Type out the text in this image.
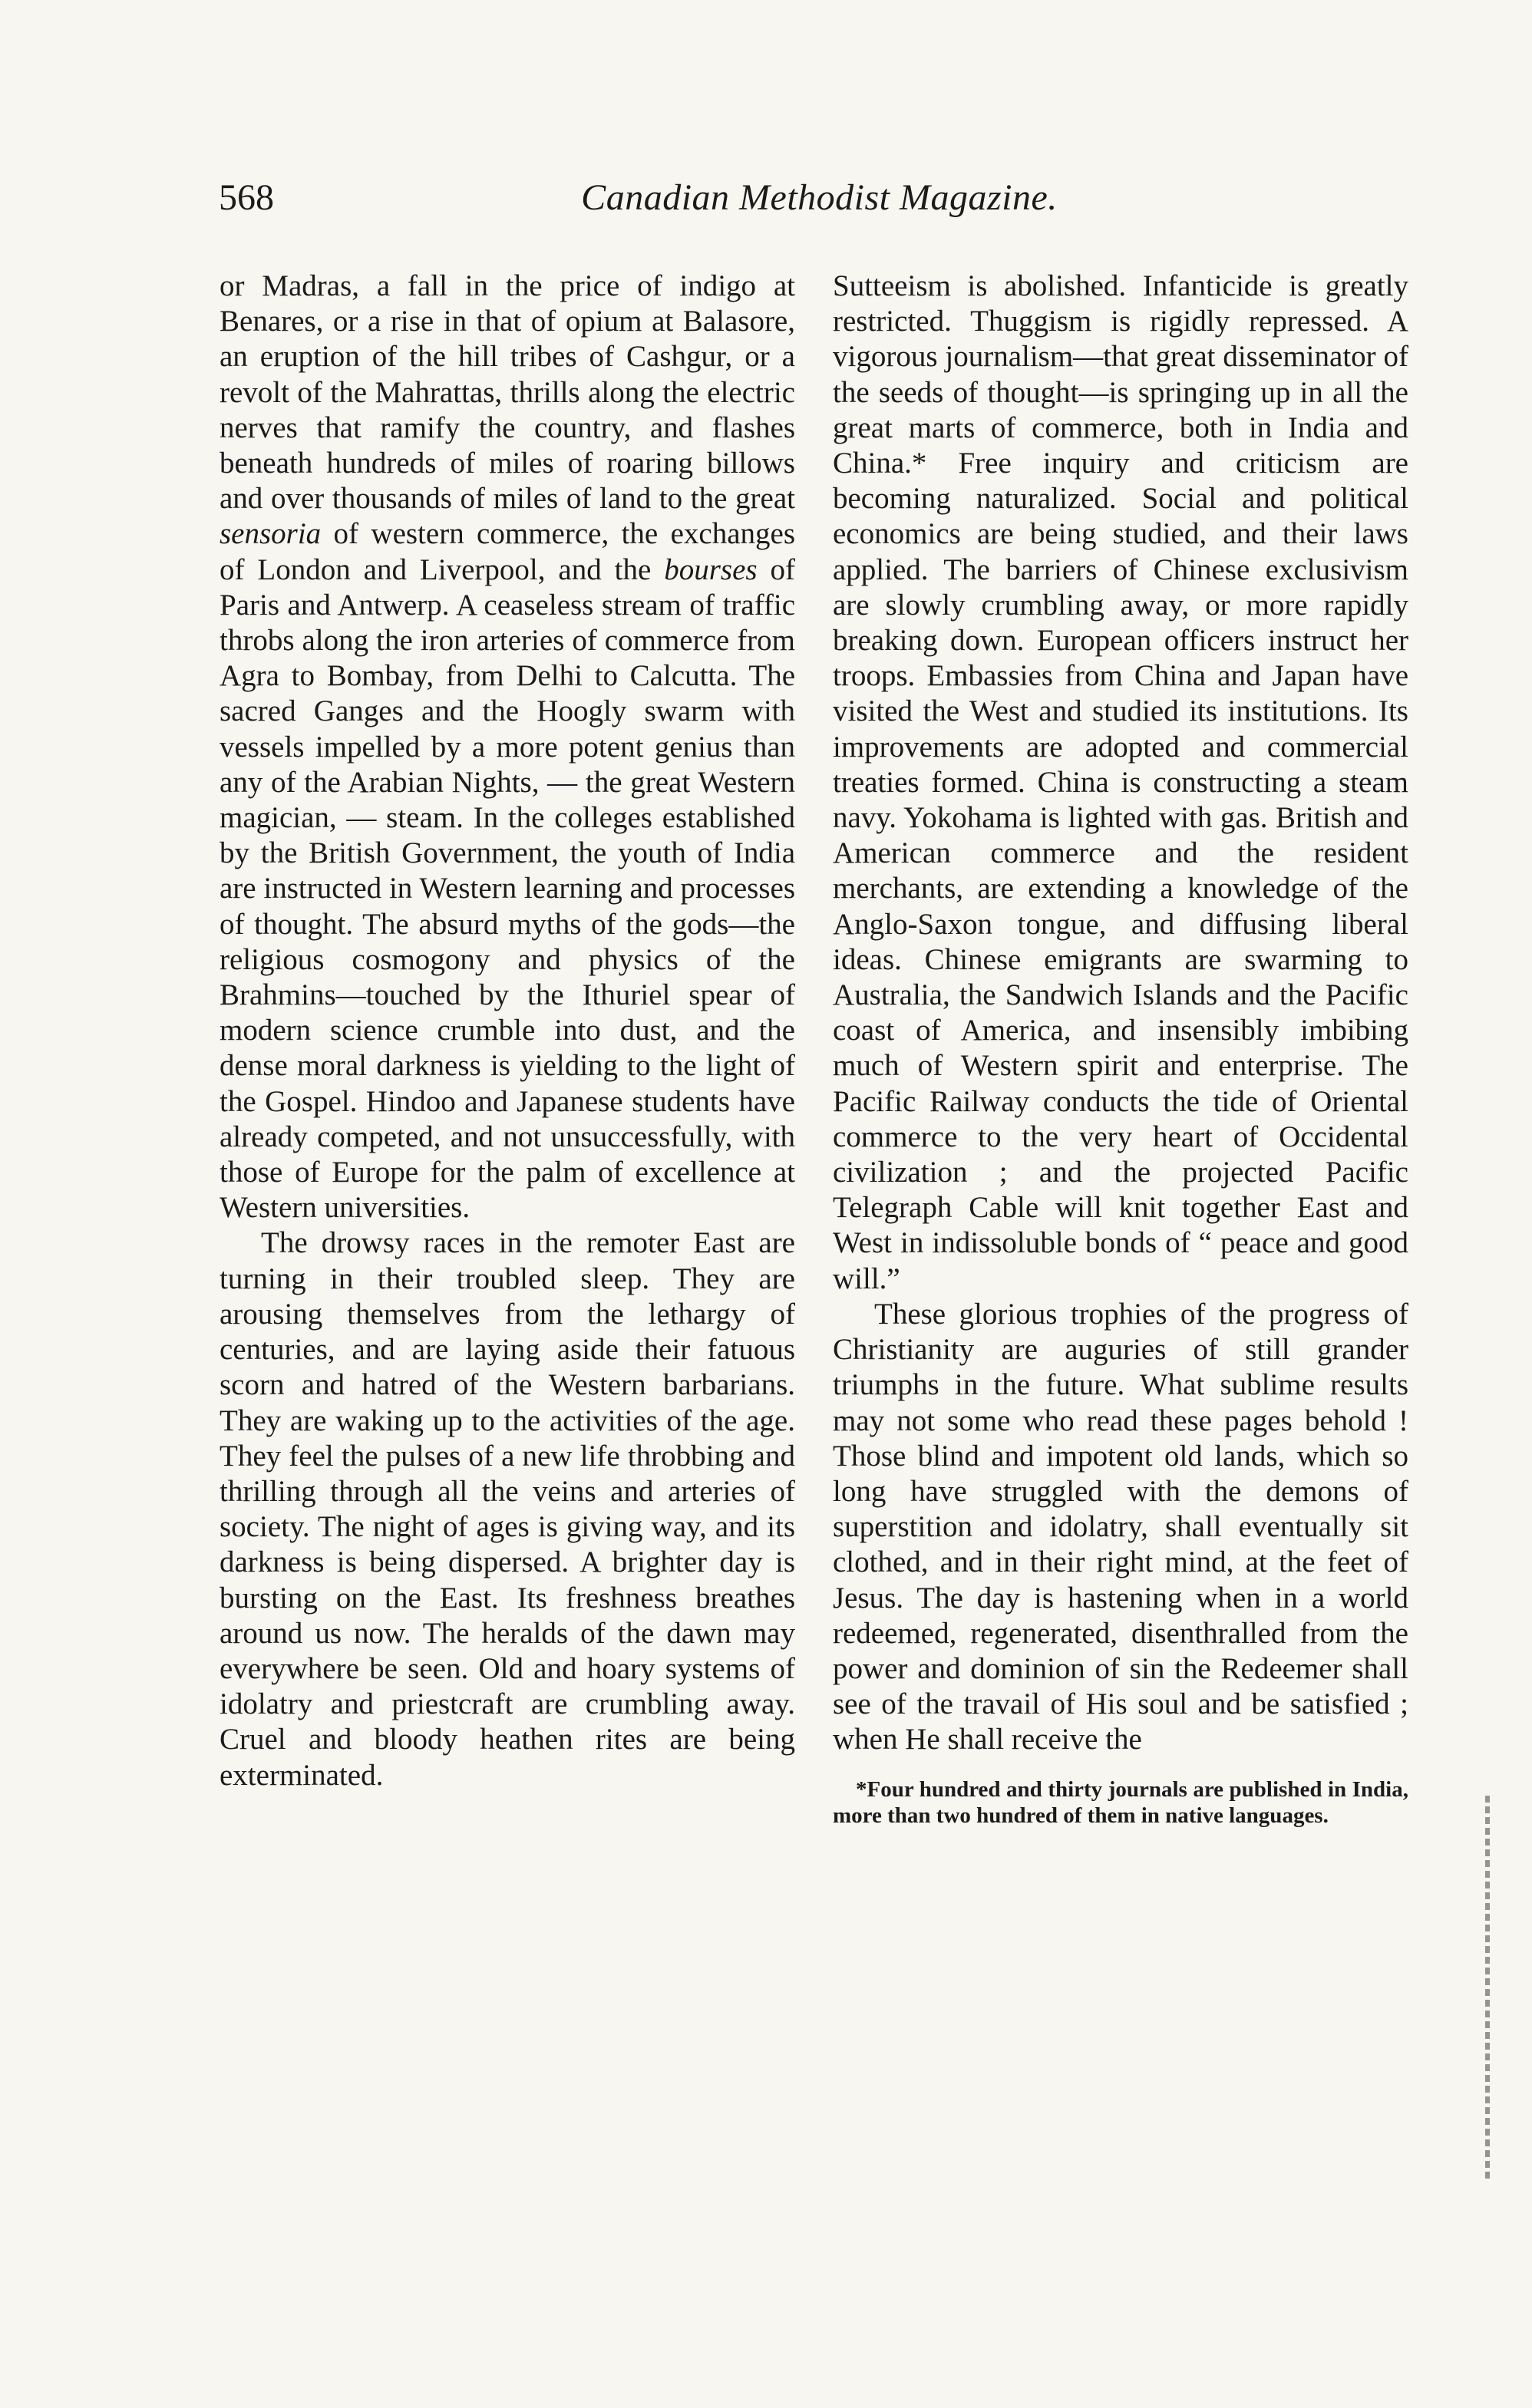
568	Canadian Methodist Magazine.

or Madras, a fall in the price of indigo at Benares, or a rise in that of opium at Balasore, an eruption of the hill tribes of Cashgur, or a revolt of the Mahrattas, thrills along the electric nerves that ramify the country, and flashes beneath hundreds of miles of roaring billows and over thousands of miles of land to the great sensoria of western commerce, the exchanges of London and Liverpool, and the bourses of Paris and Antwerp. A ceaseless stream of traffic throbs along the iron arteries of commerce from Agra to Bombay, from Delhi to Calcutta. The sacred Ganges and the Hoogly swarm with vessels impelled by a more potent genius than any of the Arabian Nights, — the great Western magician, — steam. In the colleges established by the British Government, the youth of India are instructed in Western learning and processes of thought. The absurd myths of the gods—the religious cosmogony and physics of the Brahmins—touched by the Ithuriel spear of modern science crumble into dust, and the dense moral darkness is yielding to the light of the Gospel. Hindoo and Japanese students have already competed, and not unsuccessfully, with those of Europe for the palm of excellence at Western universities.

The drowsy races in the remoter East are turning in their troubled sleep. They are arousing themselves from the lethargy of centuries, and are laying aside their fatuous scorn and hatred of the Western barbarians. They are waking up to the activities of the age. They feel the pulses of a new life throbbing and thrilling through all the veins and arteries of society. The night of ages is giving way, and its darkness is being dispersed. A brighter day is bursting on the East. Its freshness breathes around us now. The heralds of the dawn may everywhere be seen. Old and hoary systems of idolatry and priestcraft are crumbling away. Cruel and bloody heathen rites are being exterminated.

Sutteeism is abolished. Infanticide is greatly restricted. Thuggism is rigidly repressed. A vigorous journalism—that great disseminator of the seeds of thought—is springing up in all the great marts of commerce, both in India and China.* Free inquiry and criticism are becoming naturalized. Social and political economics are being studied, and their laws applied. The barriers of Chinese exclusivism are slowly crumbling away, or more rapidly breaking down. European officers instruct her troops. Embassies from China and Japan have visited the West and studied its institutions. Its improvements are adopted and commercial treaties formed. China is constructing a steam navy. Yokohama is lighted with gas. British and American commerce and the resident merchants, are extending a knowledge of the Anglo-Saxon tongue, and diffusing liberal ideas. Chinese emigrants are swarming to Australia, the Sandwich Islands and the Pacific coast of America, and insensibly imbibing much of Western spirit and enterprise. The Pacific Railway conducts the tide of Oriental commerce to the very heart of Occidental civilization ; and the projected Pacific Telegraph Cable will knit together East and West in indissoluble bonds of “ peace and good will.”

These glorious trophies of the progress of Christianity are auguries of still grander triumphs in the future. What sublime results may not some who read these pages behold ! Those blind and impotent old lands, which so long have struggled with the demons of superstition and idolatry, shall eventually sit clothed, and in their right mind, at the feet of Jesus. The day is hastening when in a world redeemed, regenerated, disenthralled from the power and dominion of sin the Redeemer shall see of the travail of His soul and be satisfied ; when He shall receive the

*Four hundred and thirty journals are published in India, more than two hundred of them in native languages.
